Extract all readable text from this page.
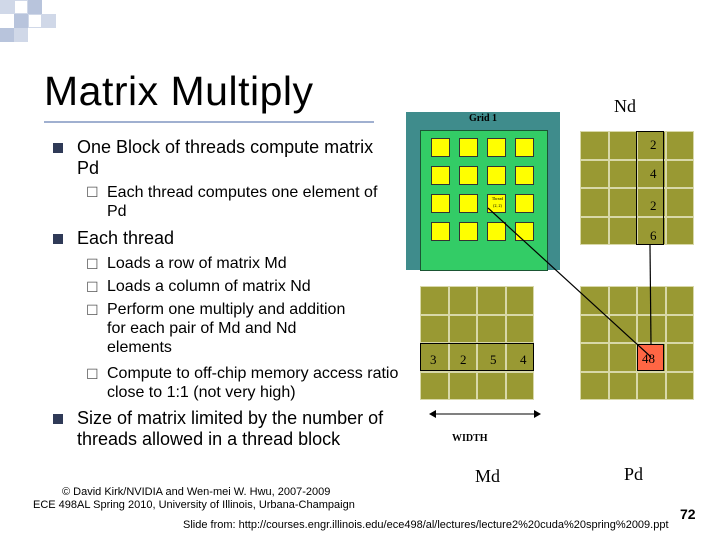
Matrix Multiply
One Block of threads compute matrix Pd
☐ Each thread computes one element of Pd
Each thread
☐ Loads a row of matrix Md
☐ Loads a column of matrix Nd
☐ Perform one multiply and addition for each pair of Md and Nd elements
☐ Compute to off-chip memory access ratio close to 1:1 (not very high)
Size of matrix limited by the number of threads allowed in a thread block
Grid 1
Thread
(2, 2)
Nd
2
4
2
6
3 2 5 4
Md
48
Pd
WIDTH
© David Kirk/NVIDIA and Wen-mei W. Hwu, 2007-2009
ECE 498AL Spring 2010, University of Illinois, Urbana-Champaign
72
Slide from: http://courses.engr.illinois.edu/ece498/al/lectures/lecture2%20cuda%20spring%2009.ppt
